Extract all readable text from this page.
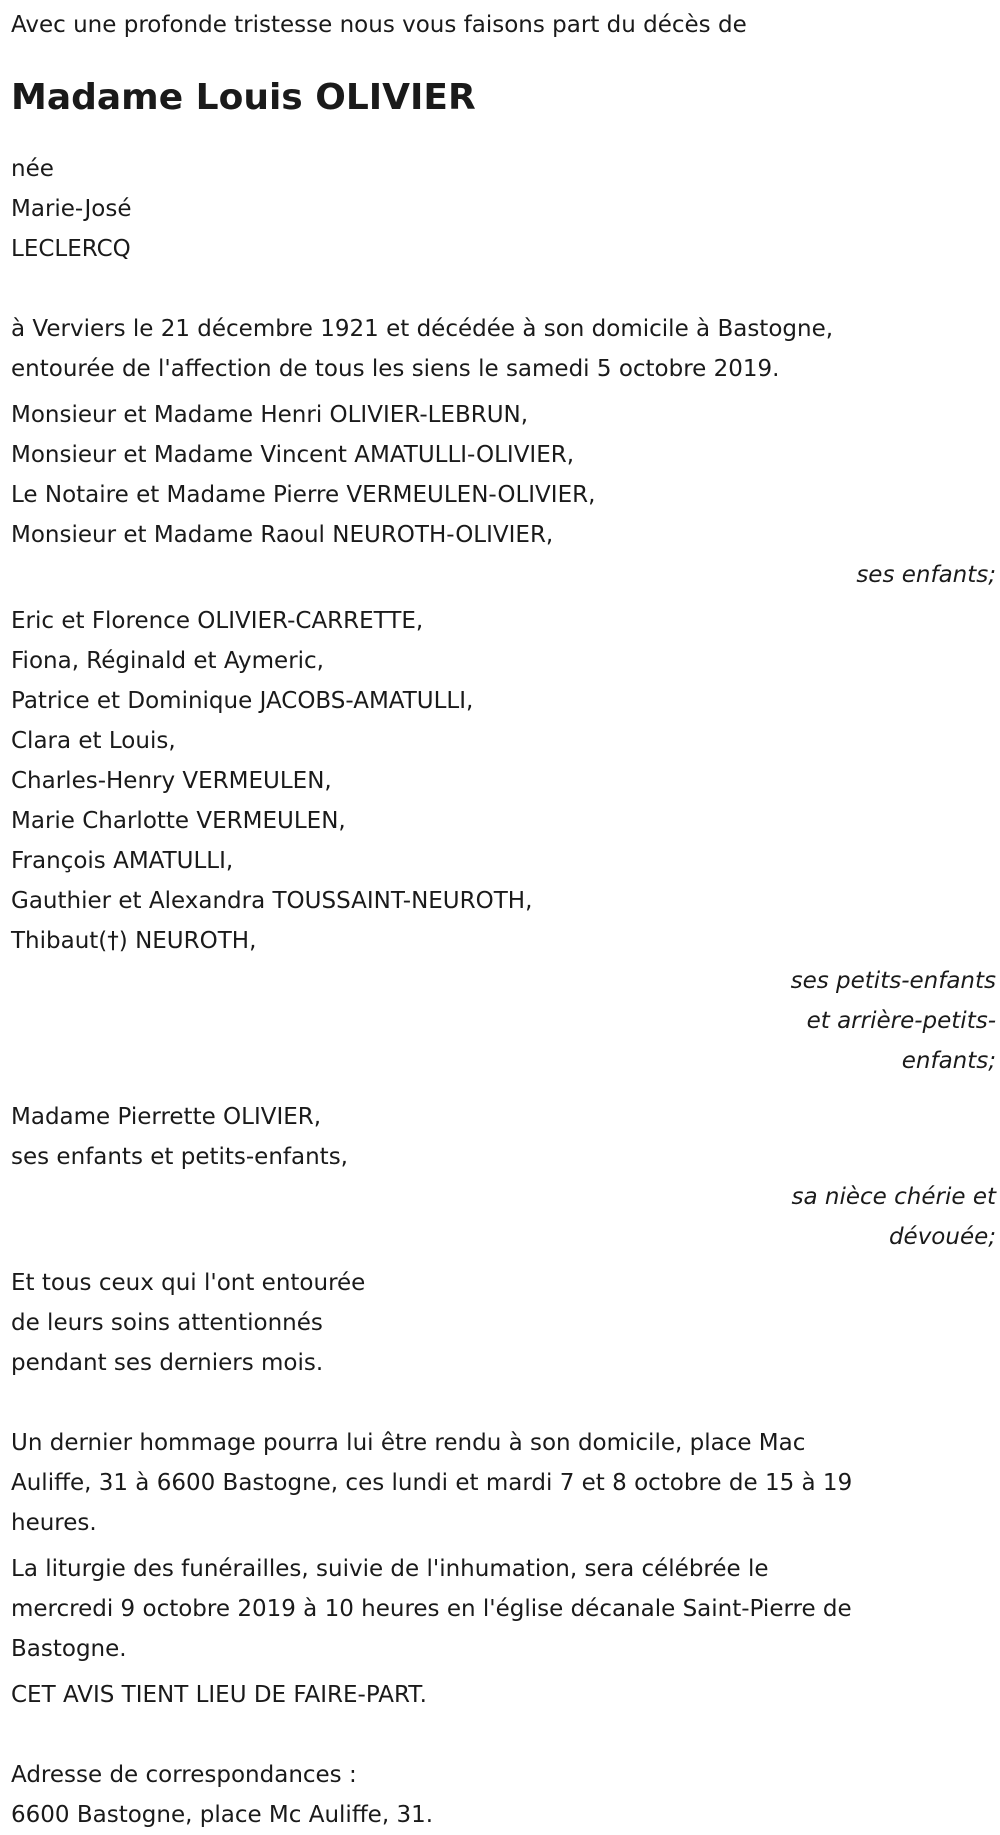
Avec une profonde tristesse nous vous faisons part du décès de
Madame Louis OLIVIER
née
Marie-José
LECLERCQ
à Verviers le 21 décembre 1921 et décédée à son domicile à Bastogne,
entourée de l'affection de tous les siens le samedi 5 octobre 2019.
Monsieur et Madame Henri OLIVIER-LEBRUN,
Monsieur et Madame Vincent AMATULLI-OLIVIER,
Le Notaire et Madame Pierre VERMEULEN-OLIVIER,
Monsieur et Madame Raoul NEUROTH-OLIVIER,
ses enfants;
Eric et Florence OLIVIER-CARRETTE,
Fiona, Réginald et Aymeric,
Patrice et Dominique JACOBS-AMATULLI,
Clara et Louis,
Charles-Henry VERMEULEN,
Marie Charlotte VERMEULEN,
François AMATULLI,
Gauthier et Alexandra TOUSSAINT-NEUROTH,
Thibaut(†) NEUROTH,
ses petits-enfants
et arrière-petits-
enfants;
Madame Pierrette OLIVIER,
ses enfants et petits-enfants,
sa nièce chérie et
dévouée;
Et tous ceux qui l'ont entourée
de leurs soins attentionnés
pendant ses derniers mois.
Un dernier hommage pourra lui être rendu à son domicile, place Mac
Auliffe, 31 à 6600 Bastogne, ces lundi et mardi 7 et 8 octobre de 15 à 19
heures.
La liturgie des funérailles, suivie de l'inhumation, sera célébrée le
mercredi 9 octobre 2019 à 10 heures en l'église décanale Saint-Pierre de
Bastogne.
CET AVIS TIENT LIEU DE FAIRE-PART.
Adresse de correspondances :
6600 Bastogne, place Mc Auliffe, 31.
